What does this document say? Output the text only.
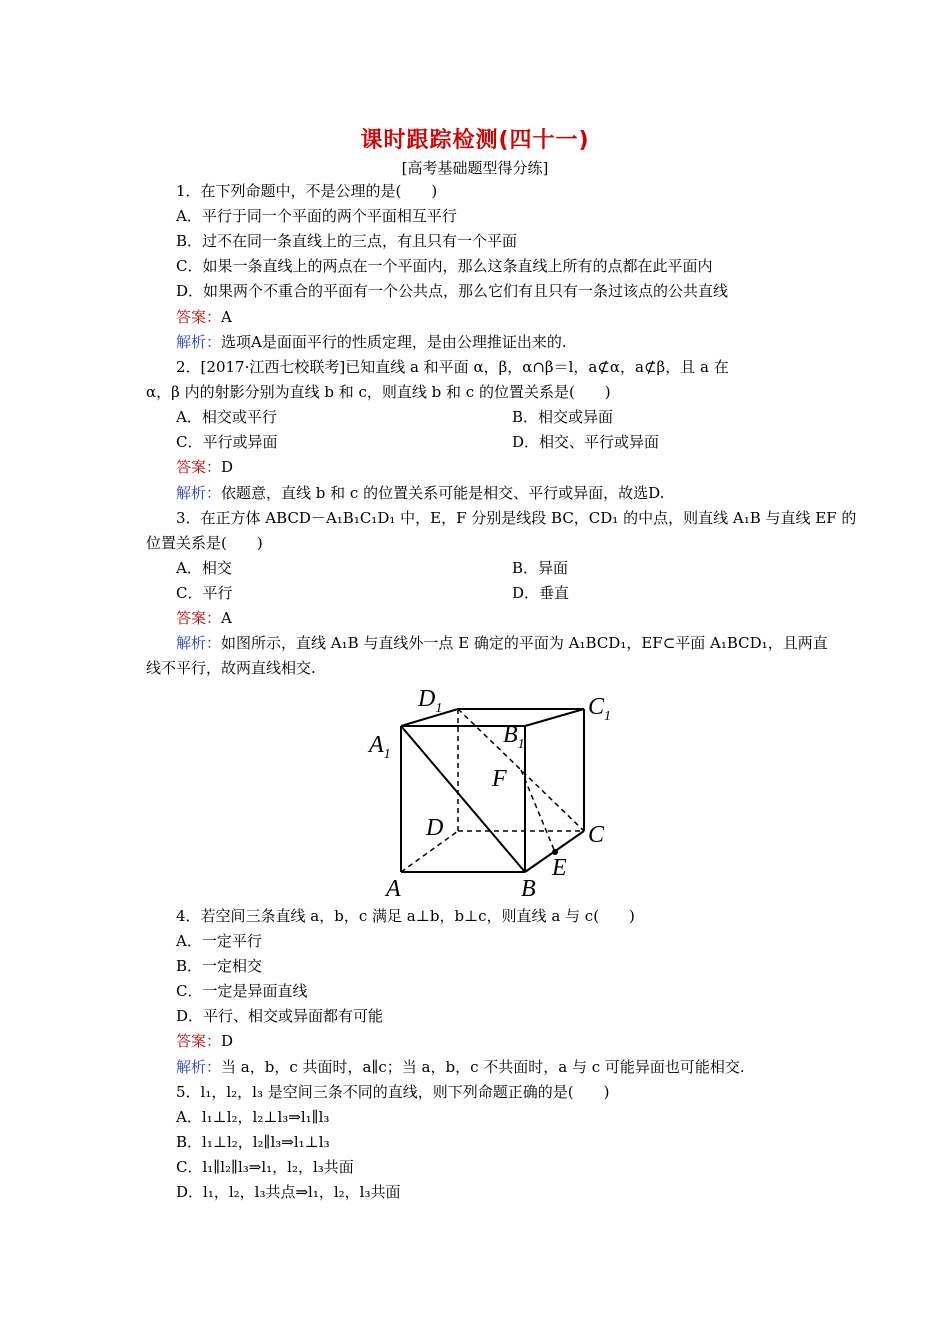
课时跟踪检测(四十一)
[高考基础题型得分练]
1．在下列命题中，不是公理的是(　　)
A．平行于同一个平面的两个平面相互平行
B．过不在同一条直线上的三点，有且只有一个平面
C．如果一条直线上的两点在一个平面内，那么这条直线上所有的点都在此平面内
D．如果两个不重合的平面有一个公共点，那么它们有且只有一条过该点的公共直线
答案：A
解析：选项A是面面平行的性质定理，是由公理推证出来的.
2．[2017·江西七校联考]已知直线 a 和平面 α，β，α∩β＝l，a⊄α，a⊄β，且 a 在
α，β 内的射影分别为直线 b 和 c，则直线 b 和 c 的位置关系是(　　)
A．相交或平行	B．相交或异面
C．平行或异面	D．相交、平行或异面
答案：D
解析：依题意，直线 b 和 c 的位置关系可能是相交、平行或异面，故选D.
3．在正方体 ABCD－A₁B₁C₁D₁ 中，E，F 分别是线段 BC，CD₁ 的中点，则直线 A₁B 与直线 EF 的
位置关系是(　　)
A．相交	B．异面
C．平行	D．垂直
答案：A
解析：如图所示，直线 A₁B 与直线外一点 E 确定的平面为 A₁BCD₁，EF⊂平面 A₁BCD₁，且两直
线不平行，故两直线相交.
$D_1$	$C_1$
$A_1$
$B_1$
F
D	C
E
A	B
4．若空间三条直线 a，b，c 满足 a⊥b，b⊥c，则直线 a 与 c(　　)
A．一定平行
B．一定相交
C．一定是异面直线
D．平行、相交或异面都有可能
答案：D
解析：当 a，b，c 共面时，a∥c；当 a，b，c 不共面时，a 与 c 可能异面也可能相交.
5．l₁，l₂，l₃ 是空间三条不同的直线，则下列命题正确的是(　　)
A．l₁⊥l₂，l₂⊥l₃⇒l₁∥l₃
B．l₁⊥l₂，l₂∥l₃⇒l₁⊥l₃
C．l₁∥l₂∥l₃⇒l₁，l₂，l₃共面
D．l₁，l₂，l₃共点⇒l₁，l₂，l₃共面
